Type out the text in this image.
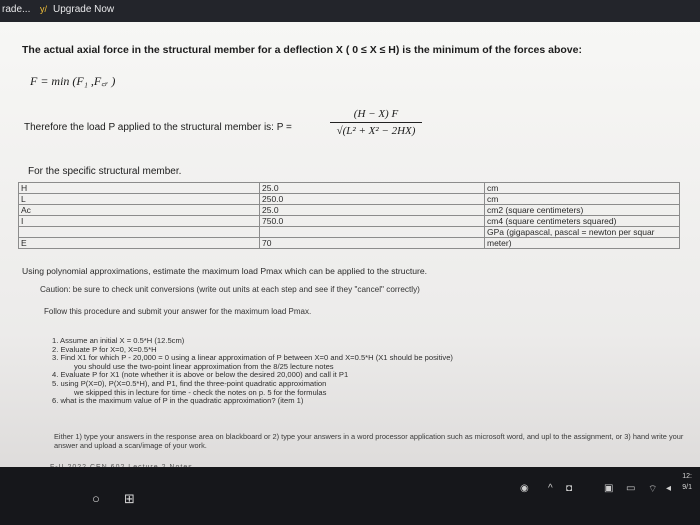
rade... y/ Upgrade Now
The actual axial force in the structural member for a deflection X ( 0 ≤ X ≤ H) is the minimum of the forces above:
F = min (F₁ ,F꜀ᵣ )
Therefore the load P applied to the structural member is: P =	$\frac{(H - X) F}{\text{√(L² + X² − 2HX)}}$
For the specific structural member.
H	25.0	cm
L	250.0	cm
Ac	25.0	cm2 (square centimeters)
I	750.0	cm4 (square centimeters squared)
		GPa (gigapascal, pascal = newton per squar
E	70	meter)
Using polynomial approximations, estimate the maximum load Pmax which can be applied to the structure.
Caution: be sure to check unit conversions (write out units at each step and see if they "cancel" correctly)
Follow this procedure and submit your answer for the maximum load Pmax.
1. Assume an initial X = 0.5*H (12.5cm)
2. Evaluate P for X=0, X=0.5*H
3. Find X1 for which P - 20,000 = 0 using a linear approximation of P between X=0 and X=0.5*H (X1 should be positive)
you should use the two-point linear approximation from the 8/25 lecture notes
4. Evaluate P for X1 (note whether it is above or below the desired 20,000) and call it P1
5. using P(X=0), P(X=0.5*H), and P1, find the three-point quadratic approximation
we skipped this in lecture for time - check the notes on p. 5 for the formulas
6. what is the maximum value of P in the quadratic approximation? (item 1)
Either 1) type your answers in the response area on blackboard or 2) type your answers in a word processor application such as microsoft word, and upl to the assignment, or 3) hand write your answer and upload a scan/image of your work.
○ ⊞
◉ ^ ◘	▣ ▭ ⌔ ◂
12:
9/1
